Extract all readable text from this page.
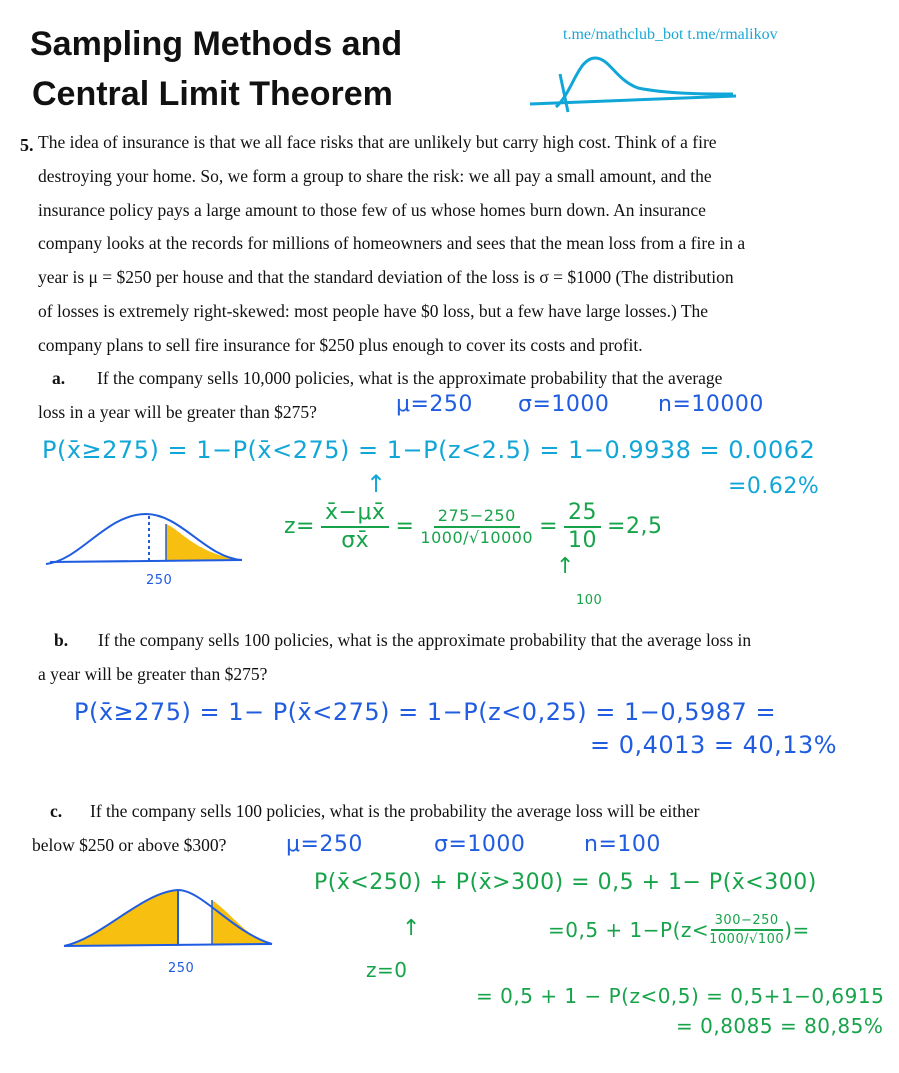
Sampling Methods and
Central Limit Theorem
t.me/mathclub_bot t.me/rmalikov
5. The idea of insurance is that we all face risks that are unlikely but carry high cost. Think of a fire
destroying your home. So, we form a group to share the risk: we all pay a small amount, and the
insurance policy pays a large amount to those few of us whose homes burn down. An insurance
company looks at the records for millions of homeowners and sees that the mean loss from a fire in a
year is μ = $250 per house and that the standard deviation of the loss is σ = $1000 (The distribution
of losses is extremely right-skewed: most people have $0 loss, but a few have large losses.) The
company plans to sell fire insurance for $250 plus enough to cover its costs and profit.
a. If the company sells 10,000 policies, what is the approximate probability that the average
loss in a year will be greater than $275?	μ=250 σ=1000 n=10000
P(x̄≥275) = 1−P(x̄<275) = 1−P(z<2.5) = 1−0.9938 = 0.0062
=0.62%
↑
$z= \frac{x̄-\mu x̄}{\sigma x̄} = \frac{275-250}{1000/√10000} = \frac{25}{10} =2,5$
↑
100
250
b. If the company sells 100 policies, what is the approximate probability that the average loss in
a year will be greater than $275?
P(x̄≥275) = 1− P(x̄<275) = 1−P(z<0,25) = 1−0,5987 =
= 0,4013 = 40,13%
c. If the company sells 100 policies, what is the probability the average loss will be either
below $250 or above $300?	μ=250	σ=1000	n=100
P(x̄<250) + P(x̄>300) = 0,5 + 1− P(x̄<300)
$=0,5 + 1-P(z< \frac{300-250}{1000/√100}$ )=
↑
z=0
= 0,5 + 1 − P(z<0,5) = 0,5+1−0,6915
= 0,8085 = 80,85%
250
